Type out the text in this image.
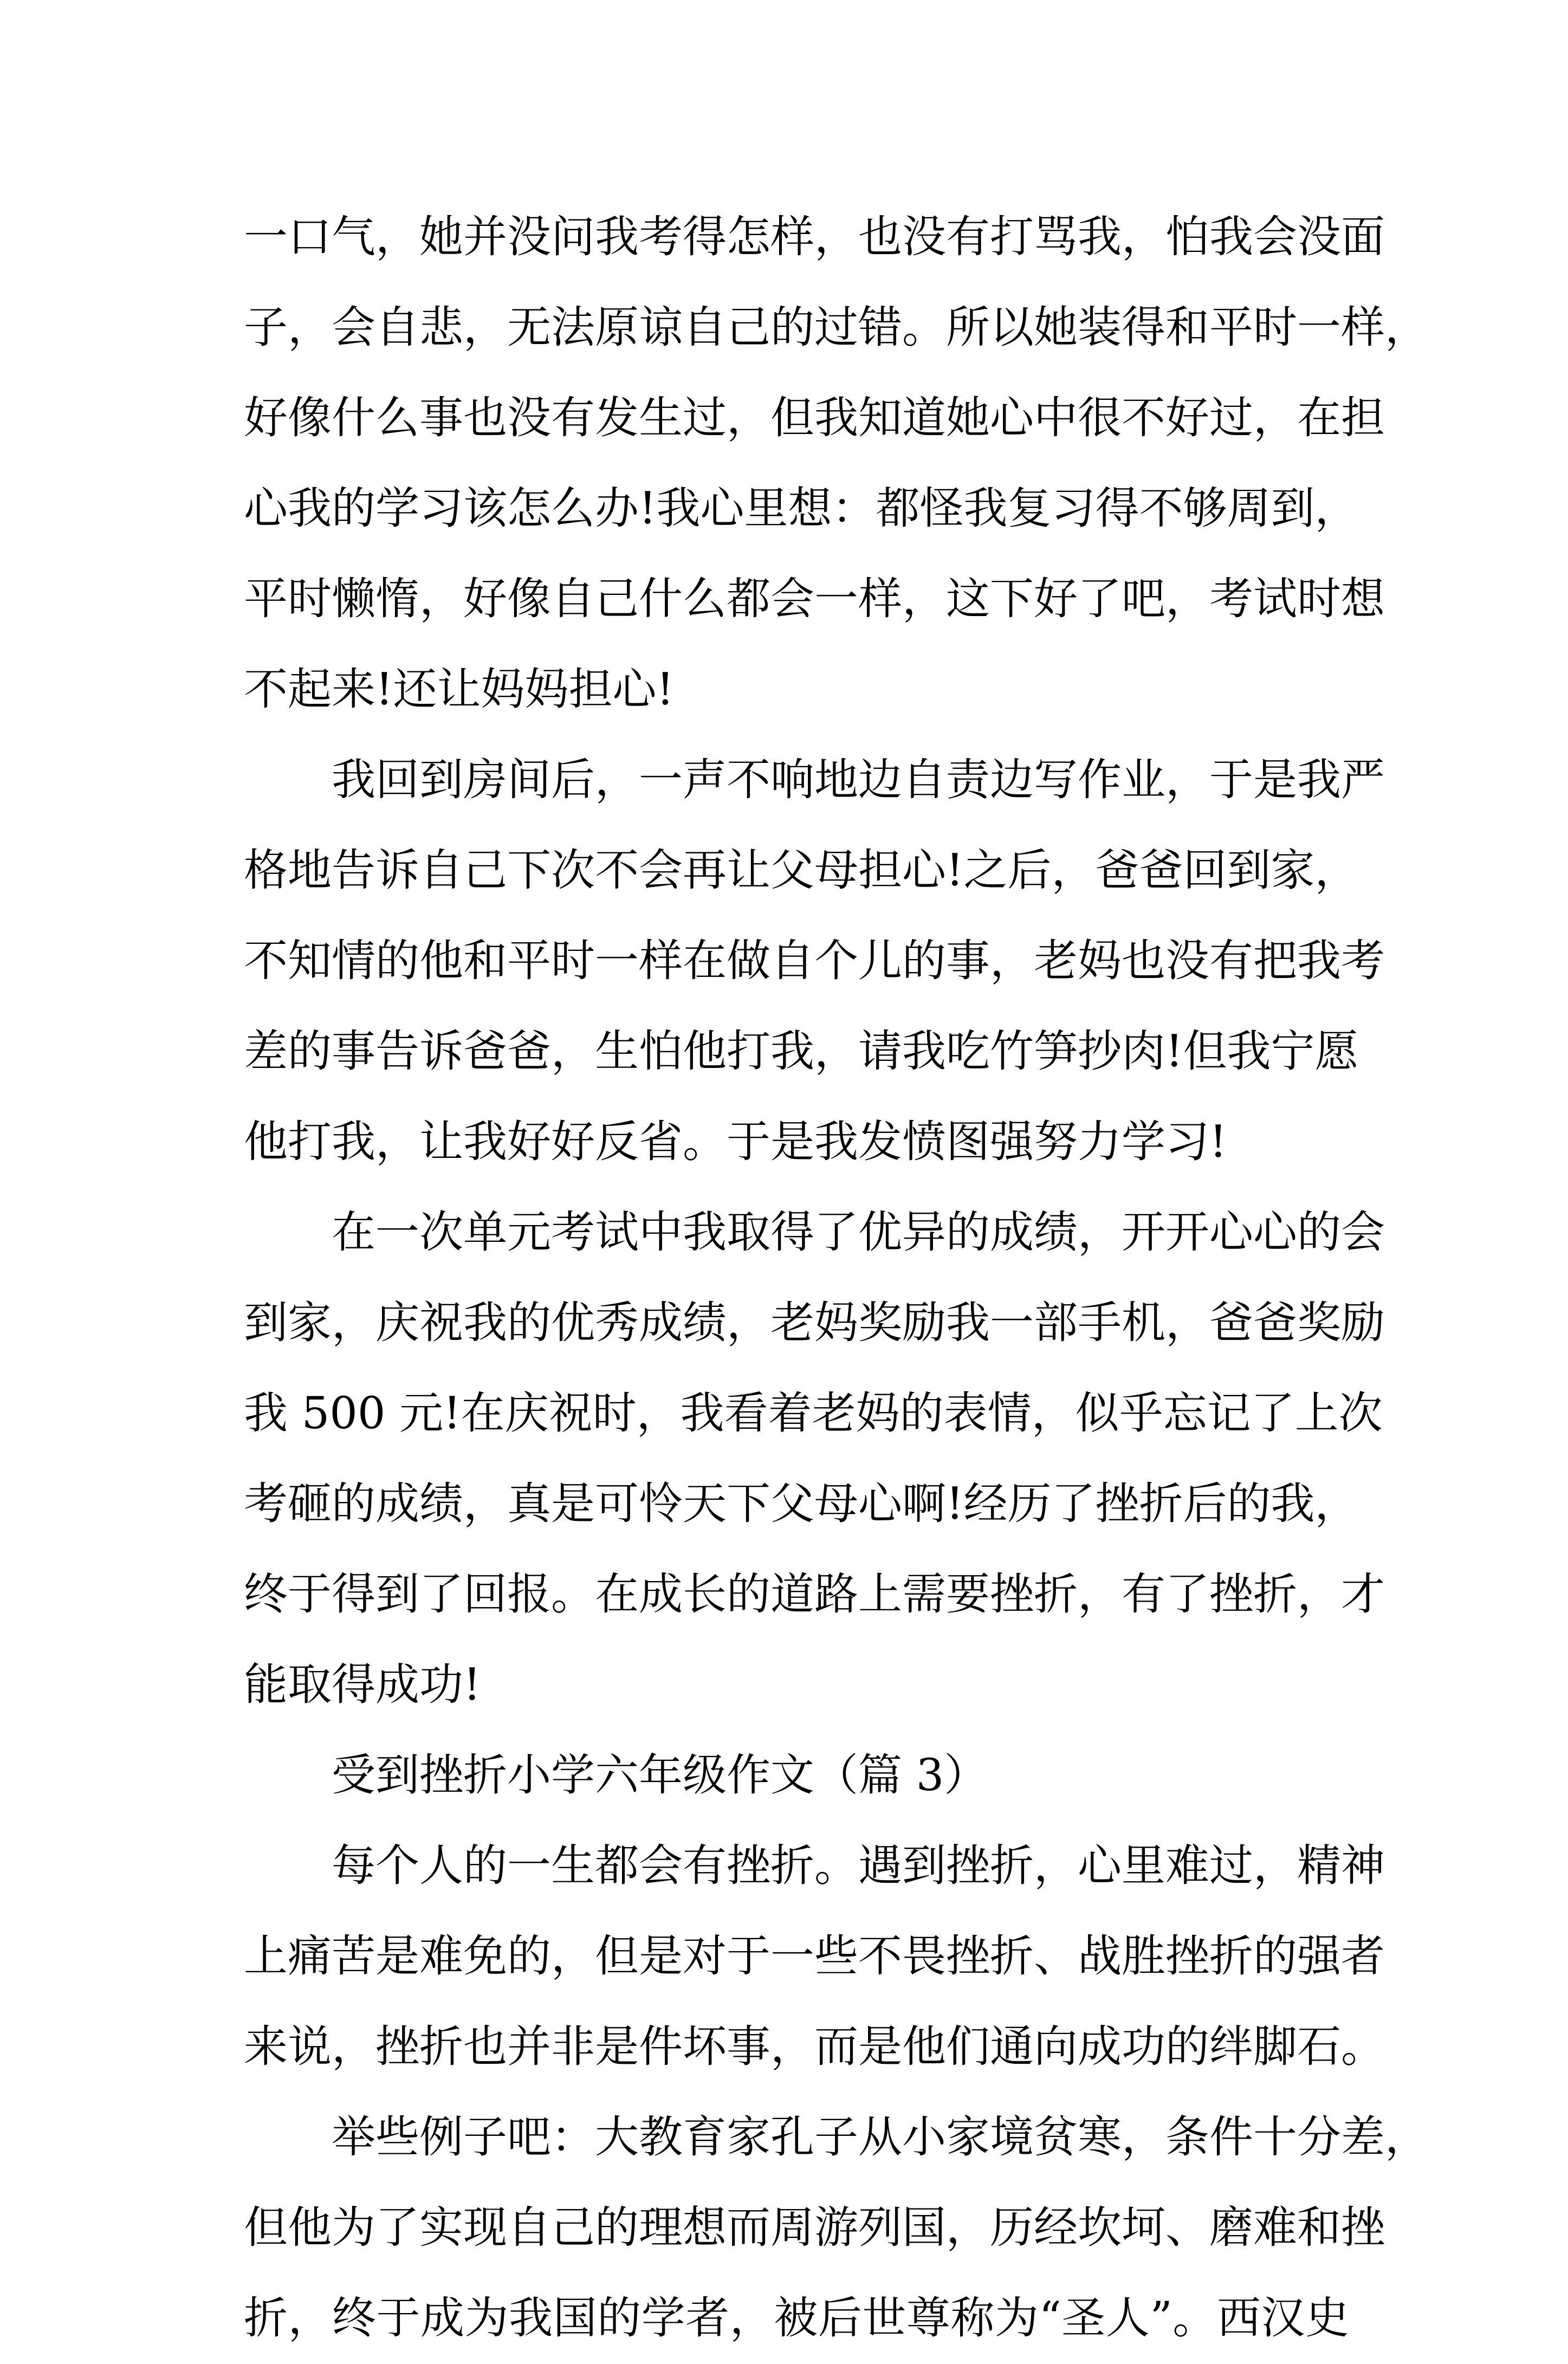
一口气，她并没问我考得怎样，也没有打骂我，怕我会没面
子，会自悲，无法原谅自己的过错。所以她装得和平时一样，
好像什么事也没有发生过，但我知道她心中很不好过，在担
心我的学习该怎么办!我心里想：都怪我复习得不够周到，
平时懒惰，好像自己什么都会一样，这下好了吧，考试时想
不起来!还让妈妈担心!
我回到房间后，一声不响地边自责边写作业，于是我严
格地告诉自己下次不会再让父母担心!之后，爸爸回到家，
不知情的他和平时一样在做自个儿的事，老妈也没有把我考
差的事告诉爸爸，生怕他打我，请我吃竹笋抄肉!但我宁愿
他打我，让我好好反省。于是我发愤图强努力学习!
在一次单元考试中我取得了优异的成绩，开开心心的会
到家，庆祝我的优秀成绩，老妈奖励我一部手机，爸爸奖励
我 500 元!在庆祝时，我看着老妈的表情，似乎忘记了上次
考砸的成绩，真是可怜天下父母心啊!经历了挫折后的我，
终于得到了回报。在成长的道路上需要挫折，有了挫折，才
能取得成功!
受到挫折小学六年级作文（篇 3）
每个人的一生都会有挫折。遇到挫折，心里难过，精神
上痛苦是难免的，但是对于一些不畏挫折、战胜挫折的强者
来说，挫折也并非是件坏事，而是他们通向成功的绊脚石。
举些例子吧：大教育家孔子从小家境贫寒，条件十分差，
但他为了实现自己的理想而周游列国，历经坎坷、磨难和挫
折，终于成为我国的学者，被后世尊称为“圣人”。西汉史
